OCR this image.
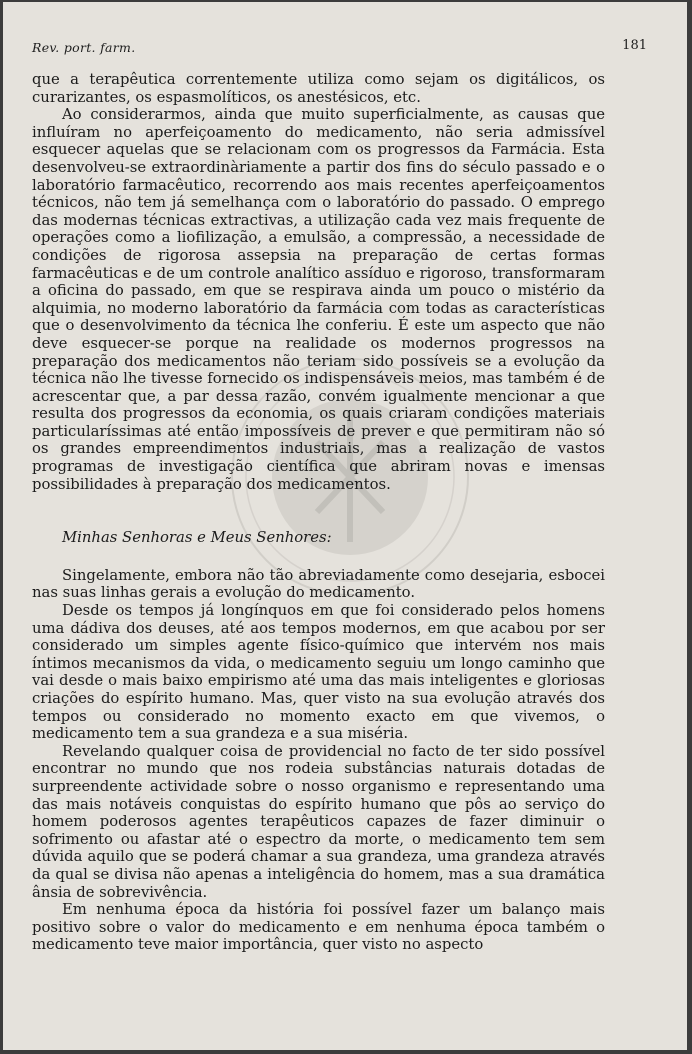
Rev. port. farm.	181

que a terapêutica correntemente utiliza como sejam os digitálicos, os curarizantes, os espasmolíticos, os anestésicos, etc.

Ao considerarmos, ainda que muito superficialmente, as causas que influíram no aperfeiçoamento do medicamento, não seria admissível esquecer aquelas que se relacionam com os progressos da Farmácia. Esta desenvolveu-se extraordinàriamente a partir dos fins do século passado e o laboratório farmacêutico, recorrendo aos mais recentes aperfeiçoamentos técnicos, não tem já semelhança com o laboratório do passado. O emprego das modernas técnicas extractivas, a utilização cada vez mais frequente de operações como a liofilização, a emulsão, a compressão, a necessidade de condições de rigorosa assepsia na preparação de certas formas farmacêuticas e de um controle analítico assíduo e rigoroso, transformaram a oficina do passado, em que se respirava ainda um pouco o mistério da alquimia, no moderno laboratório da farmácia com todas as características que o desenvolvimento da técnica lhe conferiu. É este um aspecto que não deve esquecer-se porque na realidade os modernos progressos na preparação dos medicamentos não teriam sido possíveis se a evolução da técnica não lhe tivesse fornecido os indispensáveis meios, mas também é de acrescentar que, a par dessa razão, convém igualmente mencionar a que resulta dos progressos da economia, os quais criaram condições materiais particularíssimas até então impossíveis de prever e que permitiram não só os grandes empreendimentos industriais, mas a realização de vastos programas de investigação científica que abriram novas e imensas possibilidades à preparação dos medicamentos.

Minhas Senhoras e Meus Senhores:

Singelamente, embora não tão abreviadamente como desejaria, esbocei nas suas linhas gerais a evolução do medicamento.

Desde os tempos já longínquos em que foi considerado pelos homens uma dádiva dos deuses, até aos tempos modernos, em que acabou por ser considerado um simples agente físico-químico que intervém nos mais íntimos mecanismos da vida, o medicamento seguiu um longo caminho que vai desde o mais baixo empirismo até uma das mais inteligentes e gloriosas criações do espírito humano. Mas, quer visto na sua evolução através dos tempos ou considerado no momento exacto em que vivemos, o medicamento tem a sua grandeza e a sua miséria.

Revelando qualquer coisa de providencial no facto de ter sido possível encontrar no mundo que nos rodeia substâncias naturais dotadas de surpreendente actividade sobre o nosso organismo e representando uma das mais notáveis conquistas do espírito humano que pôs ao serviço do homem poderosos agentes terapêuticos capazes de fazer diminuir o sofrimento ou afastar até o espectro da morte, o medicamento tem sem dúvida aquilo que se poderá chamar a sua grandeza, uma grandeza através da qual se divisa não apenas a inteligência do homem, mas a sua dramática ânsia de sobrevivência.

Em nenhuma época da história foi possível fazer um balanço mais positivo sobre o valor do medicamento e em nenhuma época também o medicamento teve maior importância, quer visto no aspecto
